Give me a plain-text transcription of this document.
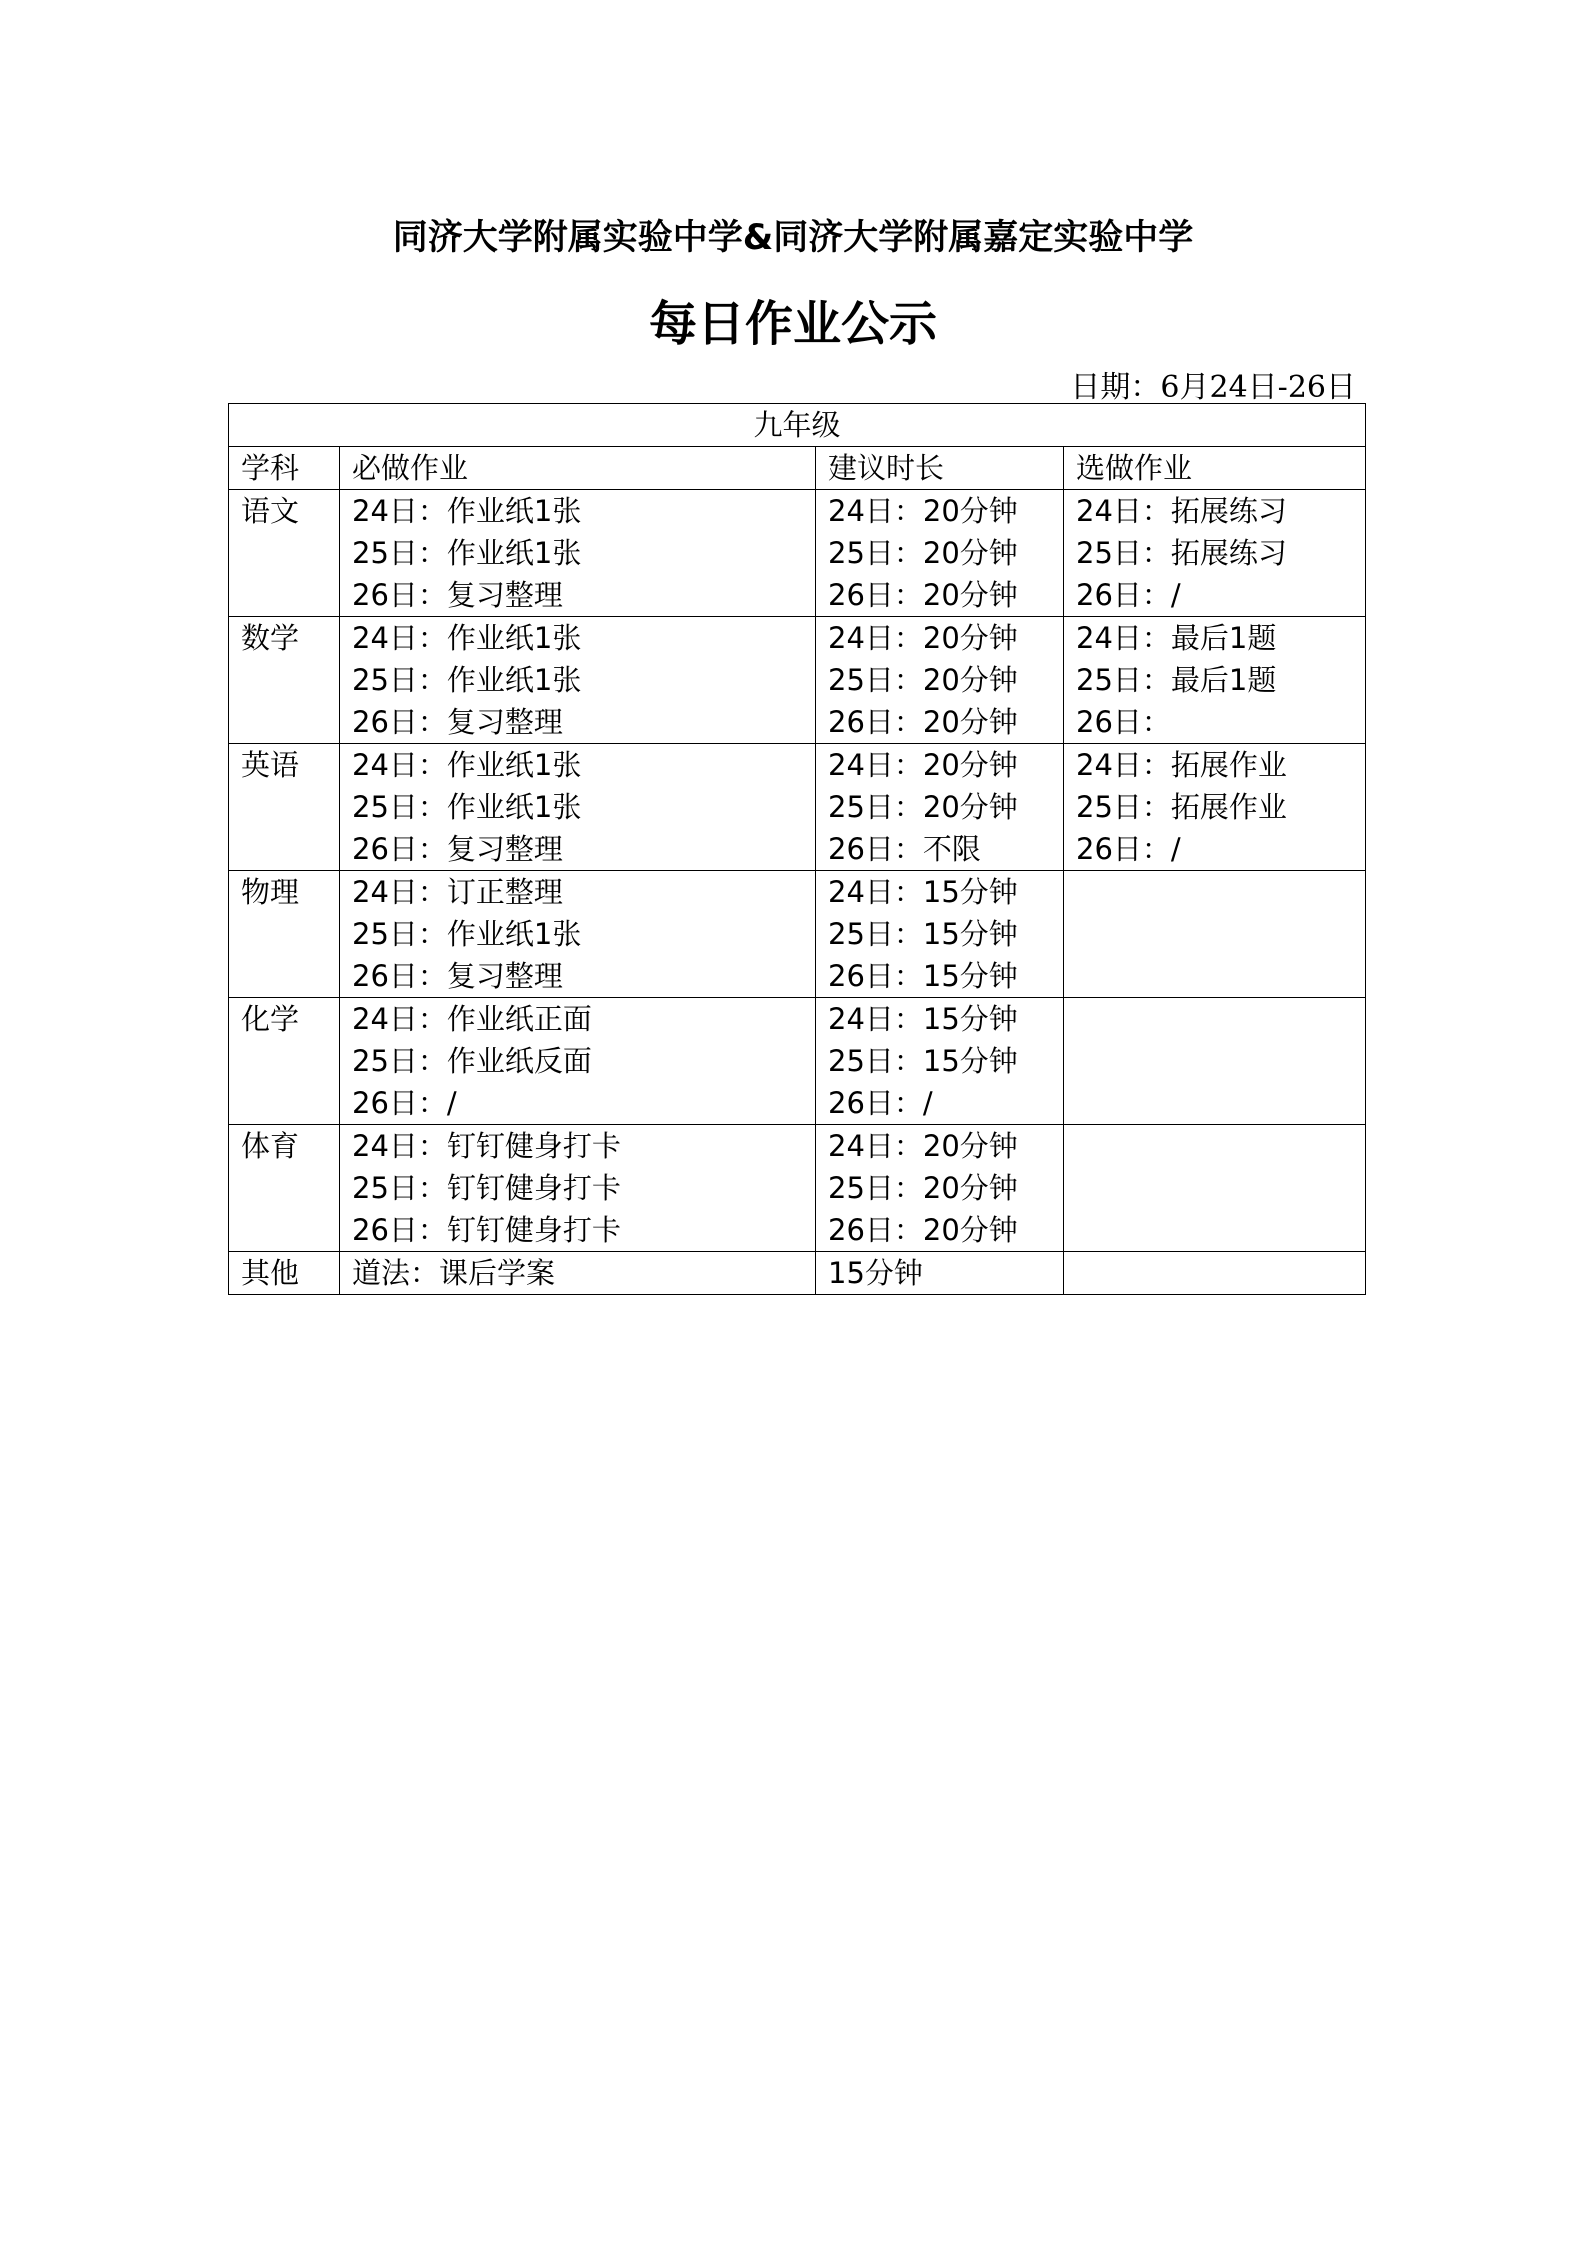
同济大学附属实验中学&同济大学附属嘉定实验中学
每日作业公示
日期：6月24日-26日
九年级			
学科	必做作业	建议时长	选做作业
语文	24日：作业纸1张
25日：作业纸1张
26日：复习整理	24日：20分钟
25日：20分钟
26日：20分钟	24日：拓展练习
25日：拓展练习
26日：/

数学	24日：作业纸1张
25日：作业纸1张
26日：复习整理	24日：20分钟
25日：20分钟
26日：20分钟	24日：最后1题
25日：最后1题
26日：

英语	24日：作业纸1张
25日：作业纸1张
26日：复习整理	24日：20分钟
25日：20分钟
26日：不限	24日：拓展作业
25日：拓展作业
26日：/

物理	24日：订正整理
25日：作业纸1张
26日：复习整理	24日：15分钟
25日：15分钟
26日：15分钟	

化学	24日：作业纸正面
25日：作业纸反面
26日：/	24日：15分钟
25日：15分钟
26日：/	

体育	24日：钉钉健身打卡
25日：钉钉健身打卡
26日：钉钉健身打卡	24日：20分钟
25日：20分钟
26日：20分钟	

其他	道法：课后学案	15分钟	
